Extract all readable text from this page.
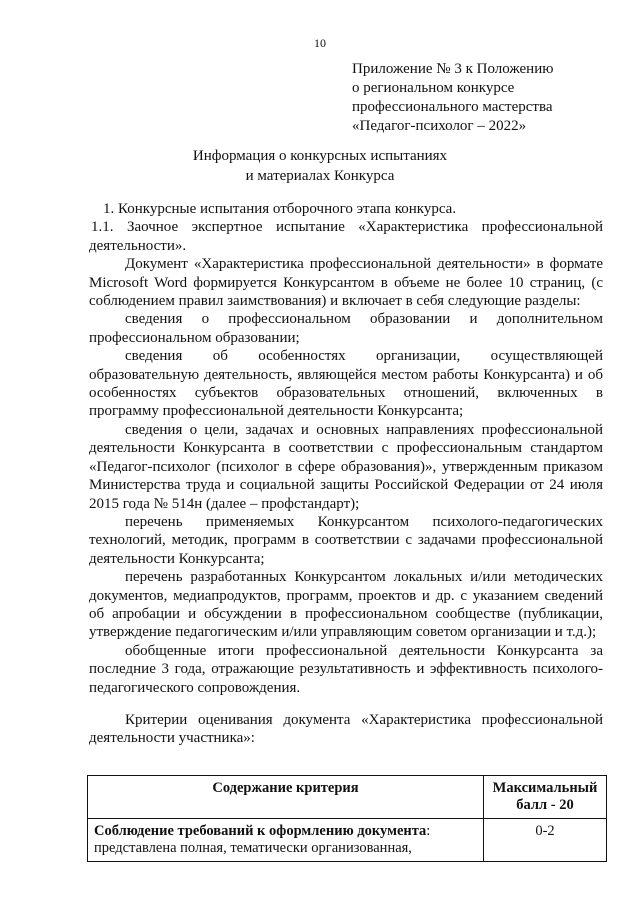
10
Приложение № 3 к Положению
о региональном конкурсе
профессионального мастерства
«Педагог-психолог – 2022»
Информация о конкурсных испытаниях
и материалах Конкурса

1. Конкурсные испытания отборочного этапа конкурса.

1.1. Заочное экспертное испытание «Характеристика профессиональной деятельности».

Документ «Характеристика профессиональной деятельности» в формате Microsoft Word формируется Конкурсантом в объеме не более 10 страниц, (с соблюдением правил заимствования) и включает в себя следующие разделы:

сведения о профессиональном образовании и дополнительном профессиональном образовании;

сведения об особенностях организации, осуществляющей образовательную деятельность, являющейся местом работы Конкурсанта) и об особенностях субъектов образовательных отношений, включенных в программу профессиональной деятельности Конкурсанта;

сведения о цели, задачах и основных направлениях профессиональной деятельности Конкурсанта в соответствии с профессиональным стандартом «Педагог-психолог (психолог в сфере образования)», утвержденным приказом Министерства труда и социальной защиты Российской Федерации от 24 июля 2015 года № 514н (далее – профстандарт);

перечень применяемых Конкурсантом психолого-педагогических технологий, методик, программ в соответствии с задачами профессиональной деятельности Конкурсанта;

перечень разработанных Конкурсантом локальных и/или методических документов, медиапродуктов, программ, проектов и др. с указанием сведений об апробации и обсуждении в профессиональном сообществе (публикации, утверждение педагогическим и/или управляющим советом организации и т.д.);

обобщенные итоги профессиональной деятельности Конкурсанта за последние 3 года, отражающие результативность и эффективность психолого-педагогического сопровождения.

Критерии оценивания документа «Характеристика профессиональной деятельности участника»:

Содержание критерия	Максимальный балл - 20
Соблюдение требований к оформлению документа: представлена полная, тематически организованная,	0-2
